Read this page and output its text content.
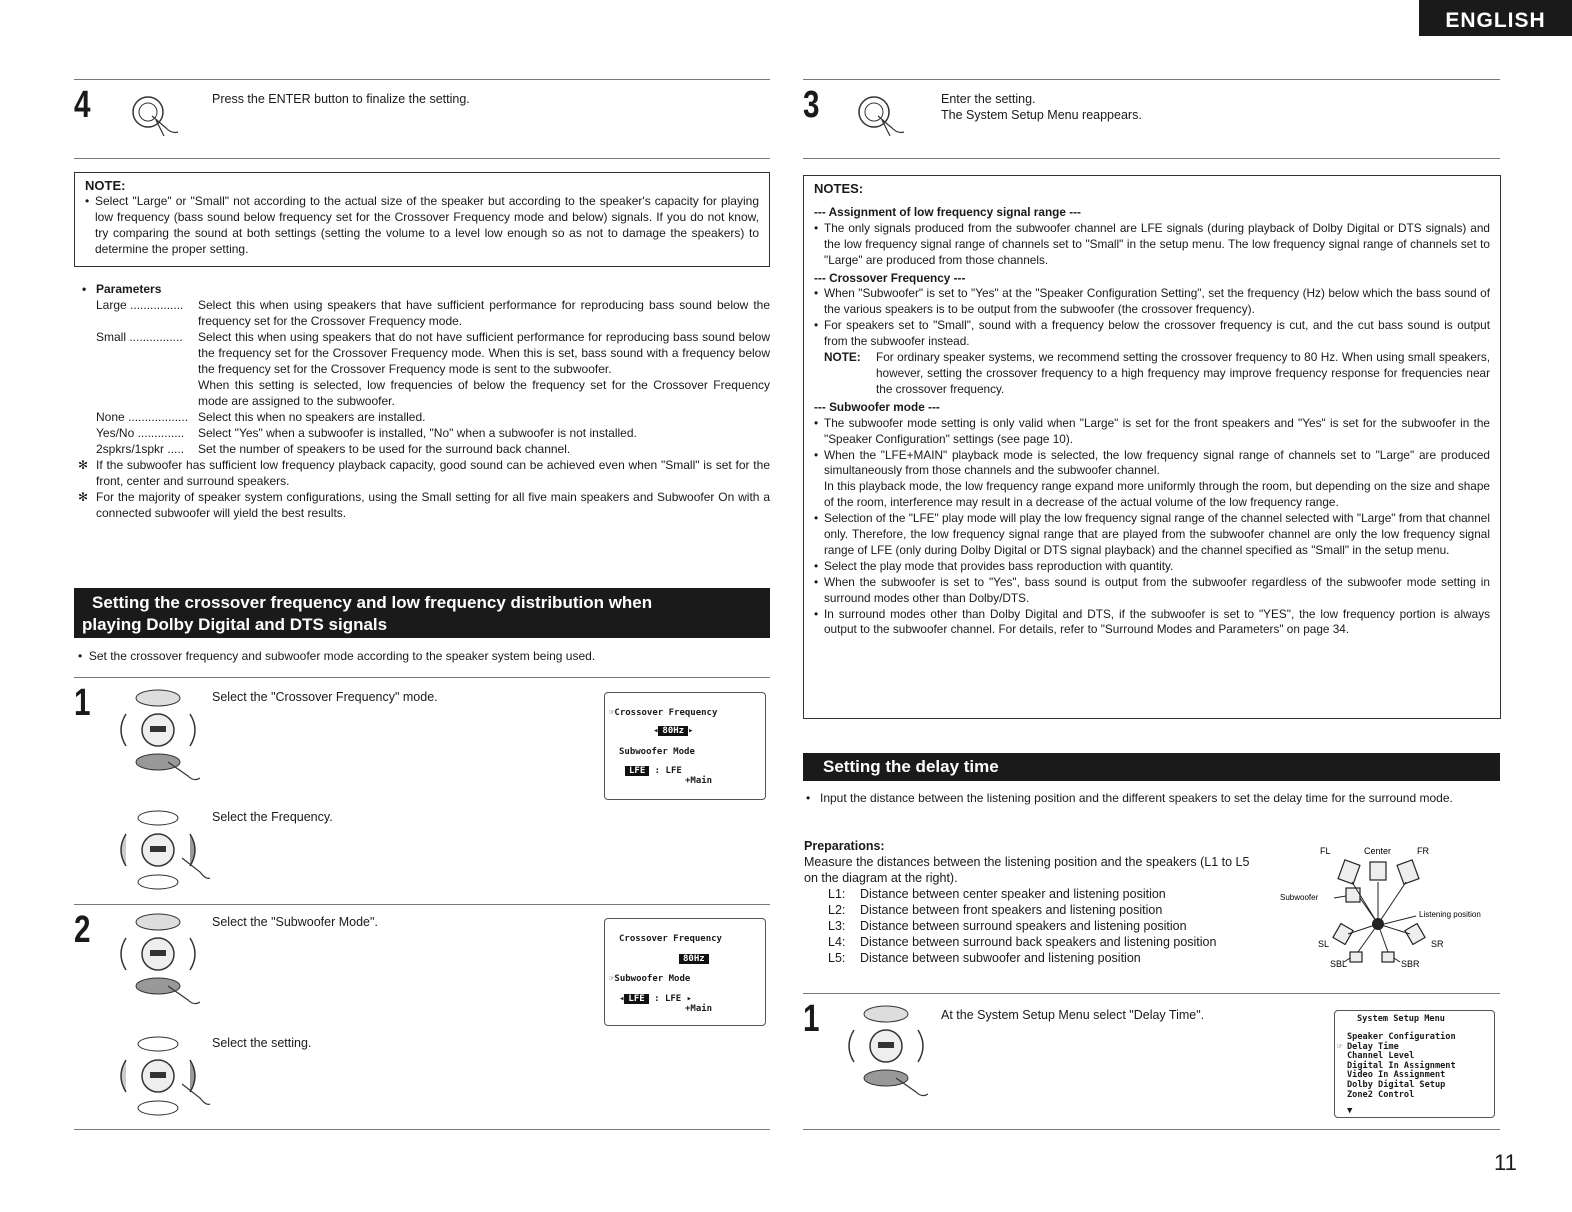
ENGLISH
4	Press the ENTER button to finalize the setting.
NOTE:
• Select "Large" or "Small" not according to the actual size of the speaker but according to the speaker's capacity for playing low frequency (bass sound below frequency set for the Crossover Frequency mode and below) signals. If you do not know, try comparing the sound at both settings (setting the volume to a level low enough so as not to damage the speakers) to determine the proper setting.
• Parameters
Large ................	Select this when using speakers that have sufficient performance for reproducing bass sound below the frequency set for the Crossover Frequency mode.
Small ................	Select this when using speakers that do not have sufficient performance for reproducing bass sound below the frequency set for the Crossover Frequency mode. When this is set, bass sound with a frequency below the frequency set for the Crossover Frequency mode is sent to the subwoofer.
When this setting is selected, low frequencies of below the frequency set for the Crossover Frequency mode are assigned to the subwoofer.
None .................. Select this when no speakers are installed.
Yes/No ..............	Select "Yes" when a subwoofer is installed, "No" when a subwoofer is not installed.
2spkrs/1spkr .....	Set the number of speakers to be used for the surround back channel.
✻ If the subwoofer has sufficient low frequency playback capacity, good sound can be achieved even when "Small" is set for the front, center and surround speakers.
✻ For the majority of speaker system configurations, using the Small setting for all five main speakers and Subwoofer On with a connected subwoofer will yield the best results.
Setting the crossover frequency and low frequency distribution when
playing Dolby Digital and DTS signals
•  Set the crossover frequency and subwoofer mode according to the speaker system being used.
1	Select the "Crossover Frequency" mode.
Select the Frequency.
☞Crossover Frequency
◂ 80Hz ▸
Subwoofer Mode
LFE : LFE
+Main
2	Select the "Subwoofer Mode".
Select the setting.
Crossover Frequency
80Hz
☞Subwoofer Mode
◂ LFE : LFE ▸
+Main
3	Enter the setting.
The System Setup Menu reappears.
NOTES:
--- Assignment of low frequency signal range ---
• The only signals produced from the subwoofer channel are LFE signals (during playback of Dolby Digital or DTS signals) and the low frequency signal range of channels set to "Small" in the setup menu. The low frequency signal range of channels set to "Large" are produced from those channels.
--- Crossover Frequency ---
• When "Subwoofer" is set to "Yes" at the "Speaker Configuration Setting", set the frequency (Hz) below which the bass sound of the various speakers is to be output from the subwoofer (the crossover frequency).
• For speakers set to "Small", sound with a frequency below the crossover frequency is cut, and the cut bass sound is output from the subwoofer instead.
NOTE:	For ordinary speaker systems, we recommend setting the crossover frequency to 80 Hz. When using small speakers, however, setting the crossover frequency to a high frequency may improve frequency response for frequencies near the crossover frequency.
--- Subwoofer mode ---
• The subwoofer mode setting is only valid when "Large" is set for the front speakers and "Yes" is set for the subwoofer in the "Speaker Configuration" settings (see page 10).
• When the "LFE+MAIN" playback mode is selected, the low frequency signal range of channels set to "Large" are produced simultaneously from those channels and the subwoofer channel.
In this playback mode, the low frequency range expand more uniformly through the room, but depending on the size and shape of the room, interference may result in a decrease of the actual volume of the low frequency range.
• Selection of the "LFE" play mode will play the low frequency signal range of the channel selected with "Large" from that channel only. Therefore, the low frequency signal range that are played from the subwoofer channel are only the low frequency signal range of LFE (only during Dolby Digital or DTS signal playback) and the channel specified as "Small" in the setup menu.
• Select the play mode that provides bass reproduction with quantity.
• When the subwoofer is set to "Yes", bass sound is output from the subwoofer regardless of the subwoofer mode setting in surround modes other than Dolby/DTS.
• In surround modes other than Dolby Digital and DTS, if the subwoofer is set to "YES", the low frequency portion is always output to the subwoofer channel. For details, refer to "Surround Modes and Parameters" on page 34.
Setting the delay time
• Input the distance between the listening position and the different speakers to set the delay time for the surround mode.
Preparations:
Measure the distances between the listening position and the speakers (L1 to L5 on the diagram at the right).
L1:	Distance between center speaker and listening position
L2:	Distance between front speakers and listening position
L3:	Distance between surround speakers and listening position
L4:	Distance between surround back speakers and listening position
L5:	Distance between subwoofer and listening position
FL	Center	FR
Subwoofer
Listening position
SL	SR
SBL	SBR
1	At the System Setup Menu select "Delay Time".	System Setup Menu
Speaker Configuration
☞ Delay Time
Channel Level
Digital In Assignment
Video In Assignment
Dolby Digital Setup
Zone2 Control
▼
11
